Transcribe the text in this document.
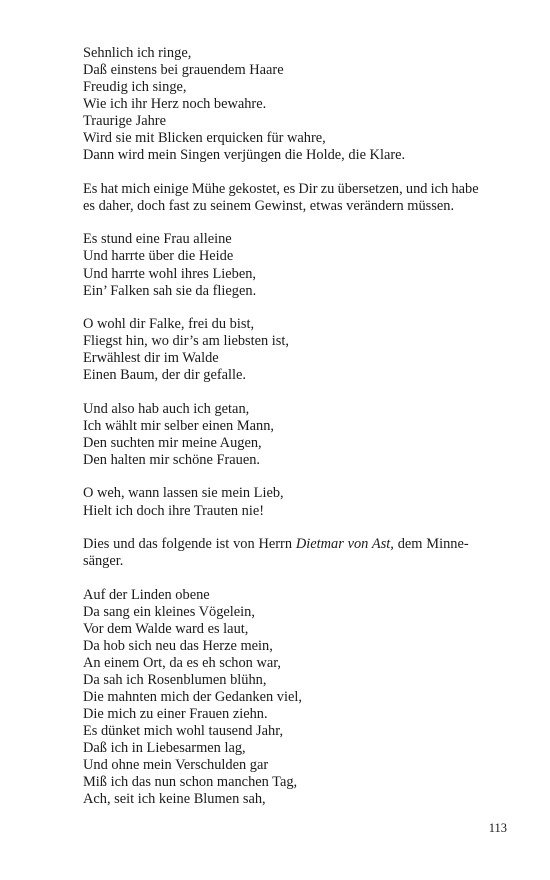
Sehnlich ich ringe,
Daß einstens bei grauendem Haare
Freudig ich singe,
Wie ich ihr Herz noch bewahre.
Traurige Jahre
Wird sie mit Blicken erquicken für wahre,
Dann wird mein Singen verjüngen die Holde, die Klare.
Es hat mich einige Mühe gekostet, es Dir zu übersetzen, und ich habe
es daher, doch fast zu seinem Gewinst, etwas verändern müssen.
Es stund eine Frau alleine
Und harrte über die Heide
Und harrte wohl ihres Lieben,
Ein’ Falken sah sie da fliegen.
O wohl dir Falke, frei du bist,
Fliegst hin, wo dir’s am liebsten ist,
Erwählest dir im Walde
Einen Baum, der dir gefalle.
Und also hab auch ich getan,
Ich wählt mir selber einen Mann,
Den suchten mir meine Augen,
Den halten mir schöne Frauen.
O weh, wann lassen sie mein Lieb,
Hielt ich doch ihre Trauten nie!
Dies und das folgende ist von Herrn Dietmar von Ast, dem Minne-
sänger.
Auf der Linden obene
Da sang ein kleines Vögelein,
Vor dem Walde ward es laut,
Da hob sich neu das Herze mein,
An einem Ort, da es eh schon war,
Da sah ich Rosenblumen blühn,
Die mahnten mich der Gedanken viel,
Die mich zu einer Frauen ziehn.
Es dünket mich wohl tausend Jahr,
Daß ich in Liebesarmen lag,
Und ohne mein Verschulden gar
Miß ich das nun schon manchen Tag,
Ach, seit ich keine Blumen sah,
113
